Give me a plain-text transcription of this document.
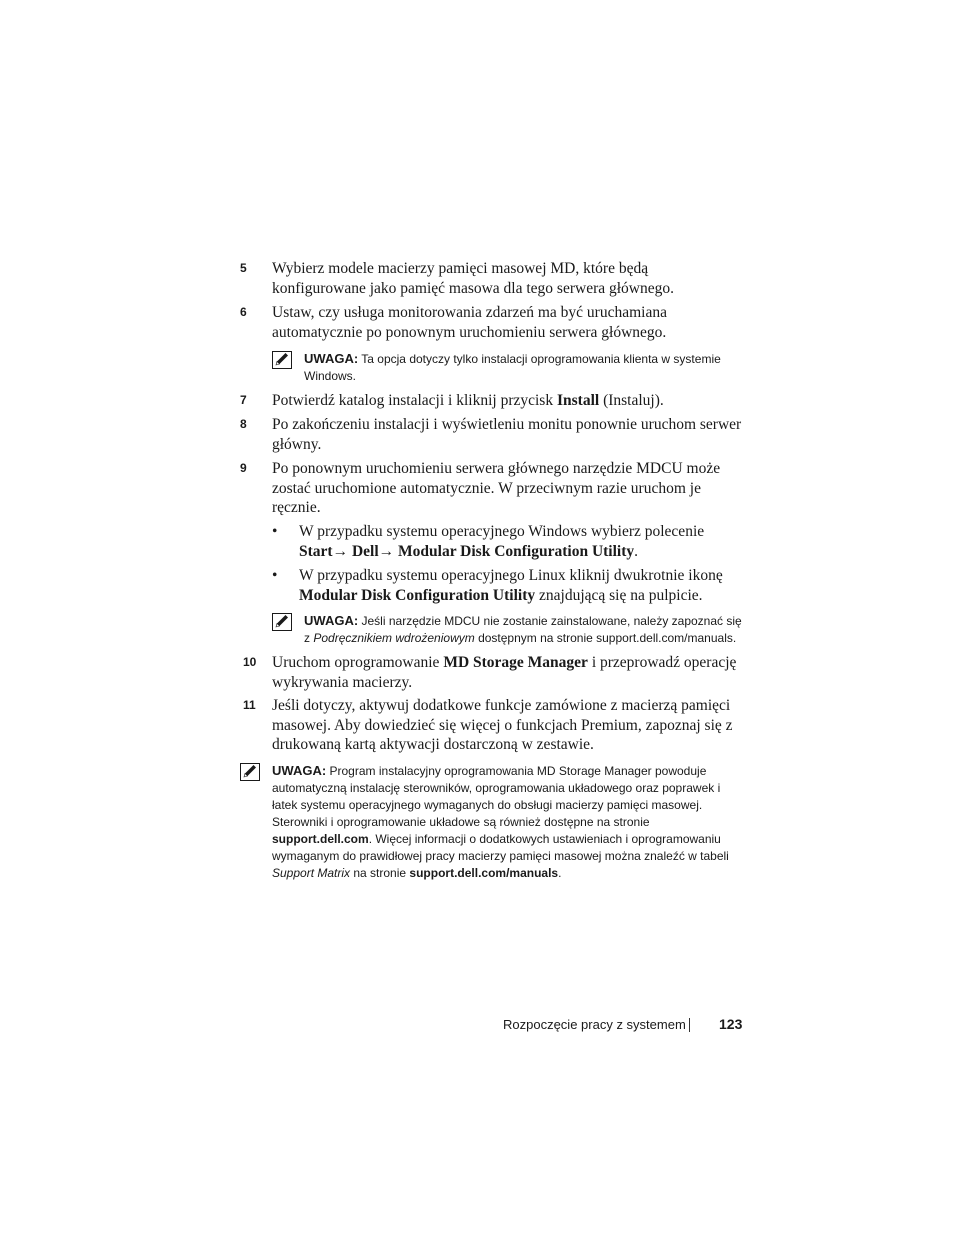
5	Wybierz modele macierzy pamięci masowej MD, które będą konfigurowane jako pamięć masowa dla tego serwera głównego.
6	Ustaw, czy usługa monitorowania zdarzeń ma być uruchamiana automatycznie po ponownym uruchomieniu serwera głównego.
UWAGA: Ta opcja dotyczy tylko instalacji oprogramowania klienta w systemie Windows.
7	Potwierdź katalog instalacji i kliknij przycisk Install (Instaluj).
8	Po zakończeniu instalacji i wyświetleniu monitu ponownie uruchom serwer główny.
9	Po ponownym uruchomieniu serwera głównego narzędzie MDCU może zostać uruchomione automatycznie. W przeciwnym razie uruchom je ręcznie.
•	W przypadku systemu operacyjnego Windows wybierz polecenie Start→ Dell→ Modular Disk Configuration Utility.
•	W przypadku systemu operacyjnego Linux kliknij dwukrotnie ikonę Modular Disk Configuration Utility znajdującą się na pulpicie.
UWAGA: Jeśli narzędzie MDCU nie zostanie zainstalowane, należy zapoznać się z Podręcznikiem wdrożeniowym dostępnym na stronie support.dell.com/manuals.
10	Uruchom oprogramowanie MD Storage Manager i przeprowadź operację wykrywania macierzy.
11	Jeśli dotyczy, aktywuj dodatkowe funkcje zamówione z macierzą pamięci masowej. Aby dowiedzieć się więcej o funkcjach Premium, zapoznaj się z drukowaną kartą aktywacji dostarczoną w zestawie.
UWAGA: Program instalacyjny oprogramowania MD Storage Manager powoduje automatyczną instalację sterowników, oprogramowania układowego oraz poprawek i łatek systemu operacyjnego wymaganych do obsługi macierzy pamięci masowej. Sterowniki i oprogramowanie układowe są również dostępne na stronie support.dell.com. Więcej informacji o dodatkowych ustawieniach i oprogramowaniu wymaganym do prawidłowej pracy macierzy pamięci masowej można znaleźć w tabeli Support Matrix na stronie support.dell.com/manuals.
Rozpoczęcie pracy z systemem 123
